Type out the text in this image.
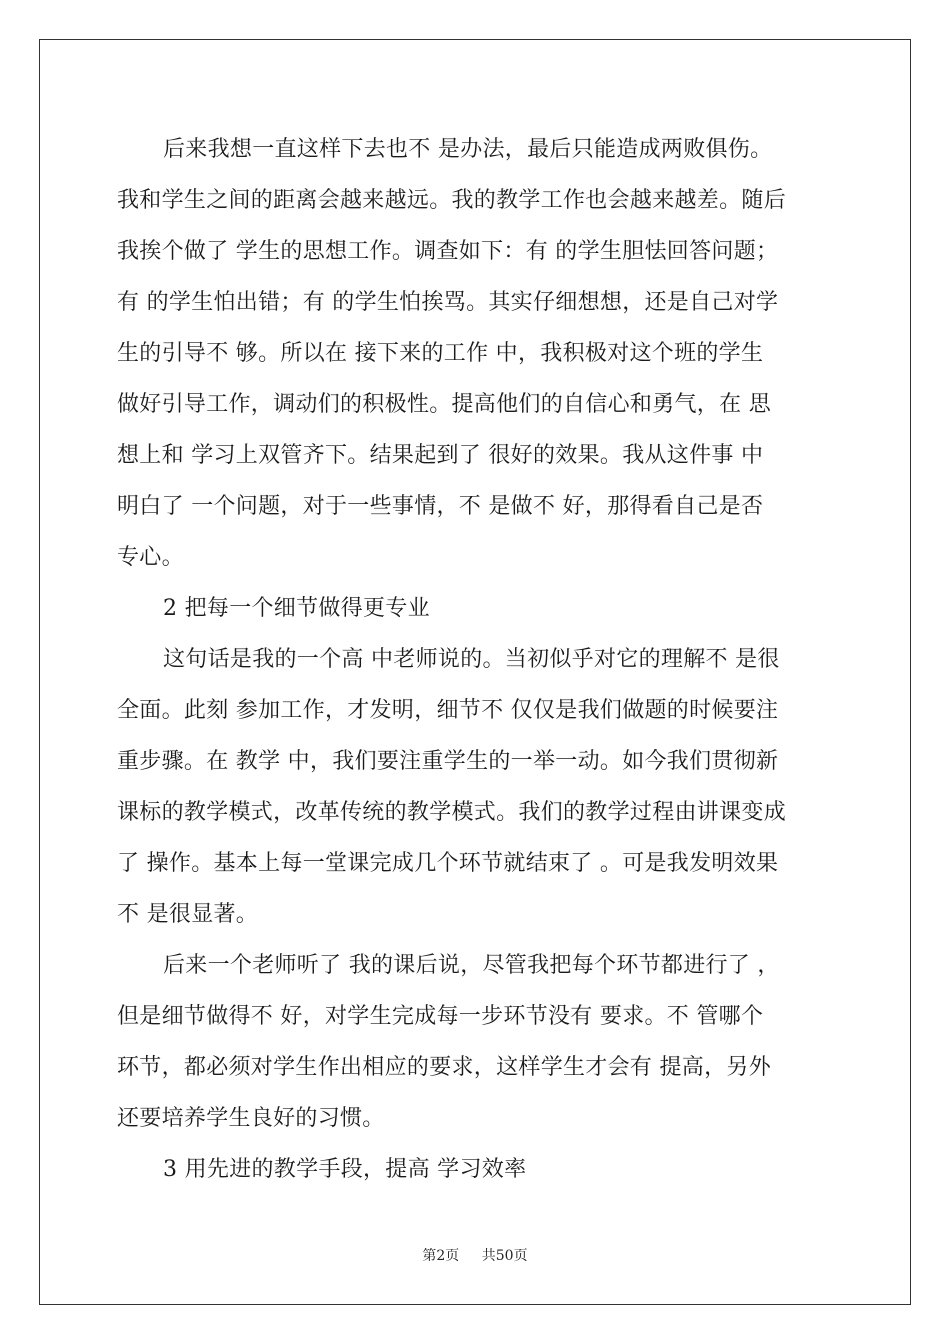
后来我想一直这样下去也不 是办法，最后只能造成两败俱伤。
我和学生之间的距离会越来越远。我的教学工作也会越来越差。随后
我挨个做了 学生的思想工作。调查如下：有 的学生胆怯回答问题；
有 的学生怕出错；有 的学生怕挨骂。其实仔细想想，还是自己对学
生的引导不 够。所以在 接下来的工作 中，我积极对这个班的学生
做好引导工作，调动们的积极性。提高他们的自信心和勇气，在 思
想上和 学习上双管齐下。结果起到了 很好的效果。我从这件事 中
明白了 一个问题，对于一些事情，不 是做不 好，那得看自己是否
专心。
2 把每一个细节做得更专业
这句话是我的一个高 中老师说的。当初似乎对它的理解不 是很
全面。此刻 参加工作，才发明，细节不 仅仅是我们做题的时候要注
重步骤。在 教学 中，我们要注重学生的一举一动。如今我们贯彻新
课标的教学模式，改革传统的教学模式。我们的教学过程由讲课变成
了 操作。基本上每一堂课完成几个环节就结束了 。可是我发明效果
不 是很显著。
后来一个老师听了 我的课后说，尽管我把每个环节都进行了 ，
但是细节做得不 好，对学生完成每一步环节没有 要求。不 管哪个
环节，都必须对学生作出相应的要求，这样学生才会有 提高，另外
还要培养学生良好的习惯。
3 用先进的教学手段，提高 学习效率
第2页 共50页
